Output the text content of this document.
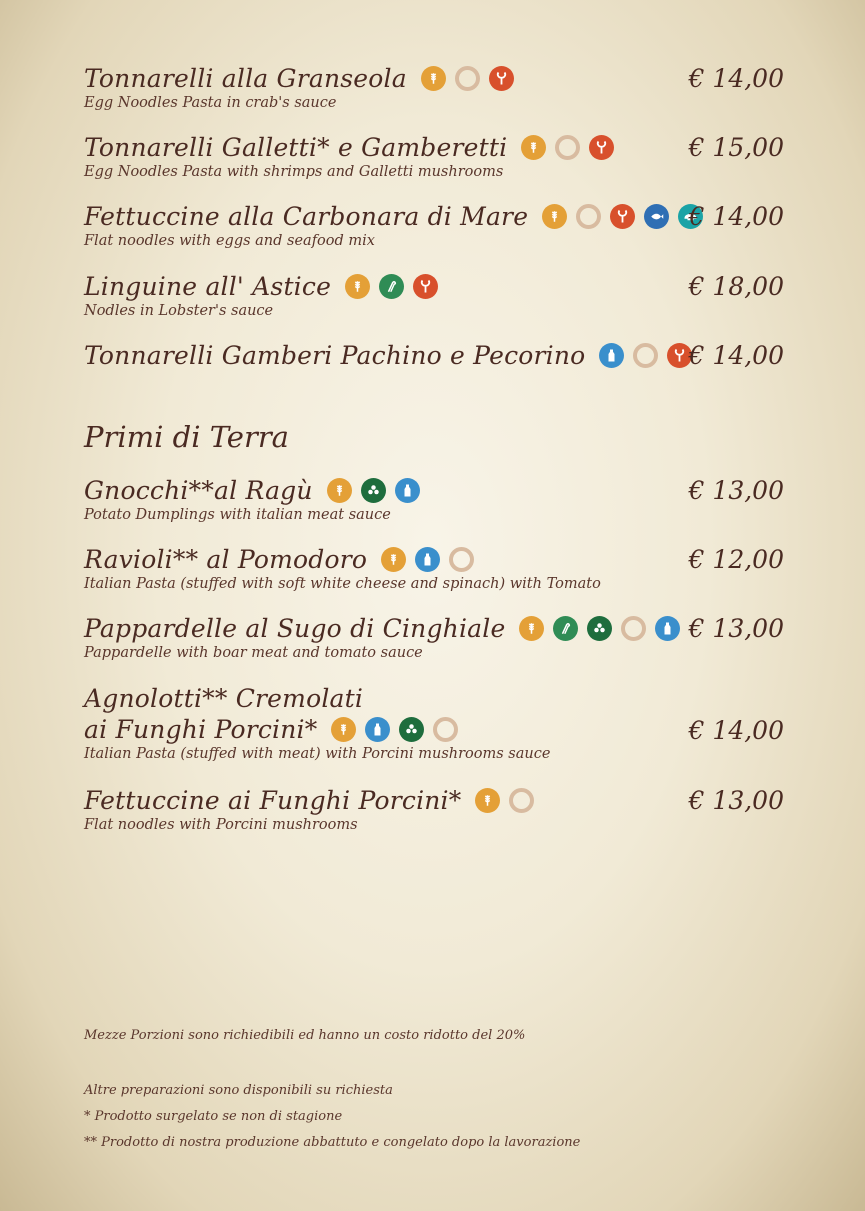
Tonnarelli alla Granseola
Egg Noodles Pasta in crab's sauce
€ 14,00
Tonnarelli Galletti* e Gamberetti
Egg Noodles Pasta with shrimps and Galletti mushrooms
€ 15,00
Fettuccine alla Carbonara di Mare
Flat noodles with eggs and seafood mix
€ 14,00
Linguine all' Astice
Nodles in Lobster's sauce
€ 18,00
Tonnarelli Gamberi Pachino e Pecorino	€ 14,00
Primi di Terra
Gnocchi**al Ragù
Potato Dumplings with italian meat sauce
€ 13,00
Ravioli** al Pomodoro
Italian Pasta (stuffed with soft white cheese and spinach) with Tomato
€ 12,00
Pappardelle al Sugo di Cinghiale
Pappardelle with boar meat and tomato sauce
€ 13,00
Agnolotti** Cremolati
ai Funghi Porcini*
Italian Pasta (stuffed with meat) with Porcini mushrooms sauce
€ 14,00
Fettuccine ai Funghi Porcini*
Flat noodles with Porcini mushrooms
€ 13,00
Mezze Porzioni sono richiedibili ed hanno un costo ridotto del 20%
Altre preparazioni sono disponibili su richiesta
* Prodotto surgelato se non di stagione
** Prodotto di nostra produzione abbattuto e congelato dopo la lavorazione
